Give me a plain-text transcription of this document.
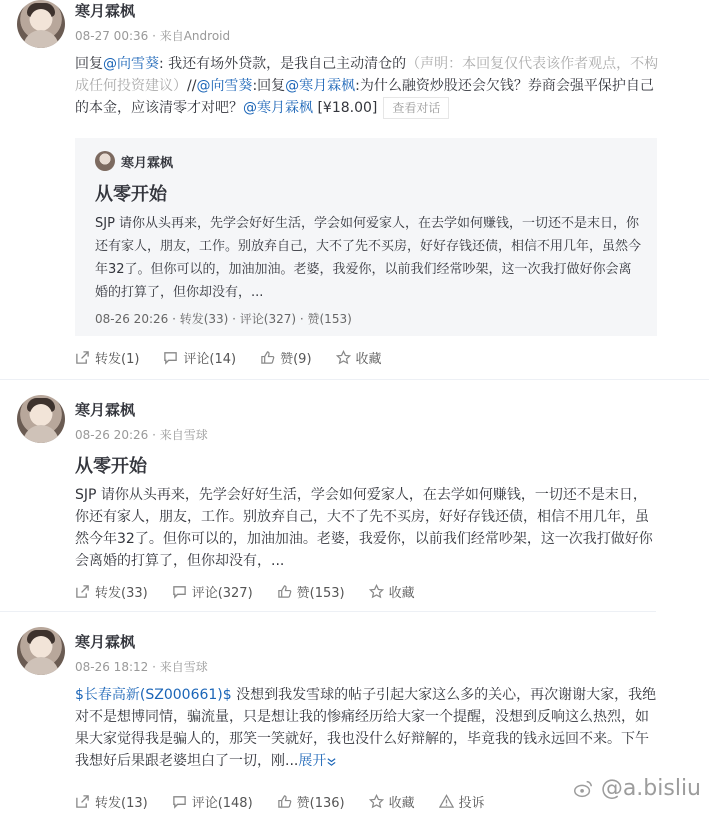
寒月霖枫
08-27 00:36 · 来自Android
回复@向雪葵: 我还有场外贷款，是我自己主动清仓的（声明：本回复仅代表该作者观点，不构成任何投资建议）//@向雪葵:回复@寒月霖枫:为什么融资炒股还会欠钱？券商会强平保护自己的本金，应该清零才对吧？@寒月霖枫 [¥18.00] 查看对话
寒月霖枫
从零开始
SJP 请你从头再来，先学会好好生活，学会如何爱家人，在去学如何赚钱，一切还不是末日，你还有家人，朋友，工作。别放弃自己，大不了先不买房，好好存钱还债，相信不用几年，虽然今年32了。但你可以的，加油加油。老婆，我爱你，以前我们经常吵架，这一次我打做好你会离婚的打算了，但你却没有，...
08-26 20:26 · 转发(33) · 评论(327) · 赞(153)
转发(1)	评论(14)	赞(9)	收藏
寒月霖枫
08-26 20:26 · 来自雪球
从零开始
SJP 请你从头再来，先学会好好生活，学会如何爱家人，在去学如何赚钱，一切还不是末日，你还有家人，朋友，工作。别放弃自己，大不了先不买房，好好存钱还债，相信不用几年，虽然今年32了。但你可以的，加油加油。老婆，我爱你，以前我们经常吵架，这一次我打做好你会离婚的打算了，但你却没有，...
转发(33)	评论(327)	赞(153)	收藏
寒月霖枫
08-26 18:12 · 来自雪球
$长春高新(SZ000661)$ 没想到我发雪球的帖子引起大家这么多的关心，再次谢谢大家，我绝对不是想博同情，骗流量，只是想让我的惨痛经历给大家一个提醒，没想到反响这么热烈，如果大家觉得我是骗人的，那笑一笑就好，我也没什么好辩解的，毕竟我的钱永远回不来。下午我想好后果跟老婆坦白了一切，刚...展开
转发(13)	评论(148)	赞(136)	收藏	投诉
@a.bisliu
